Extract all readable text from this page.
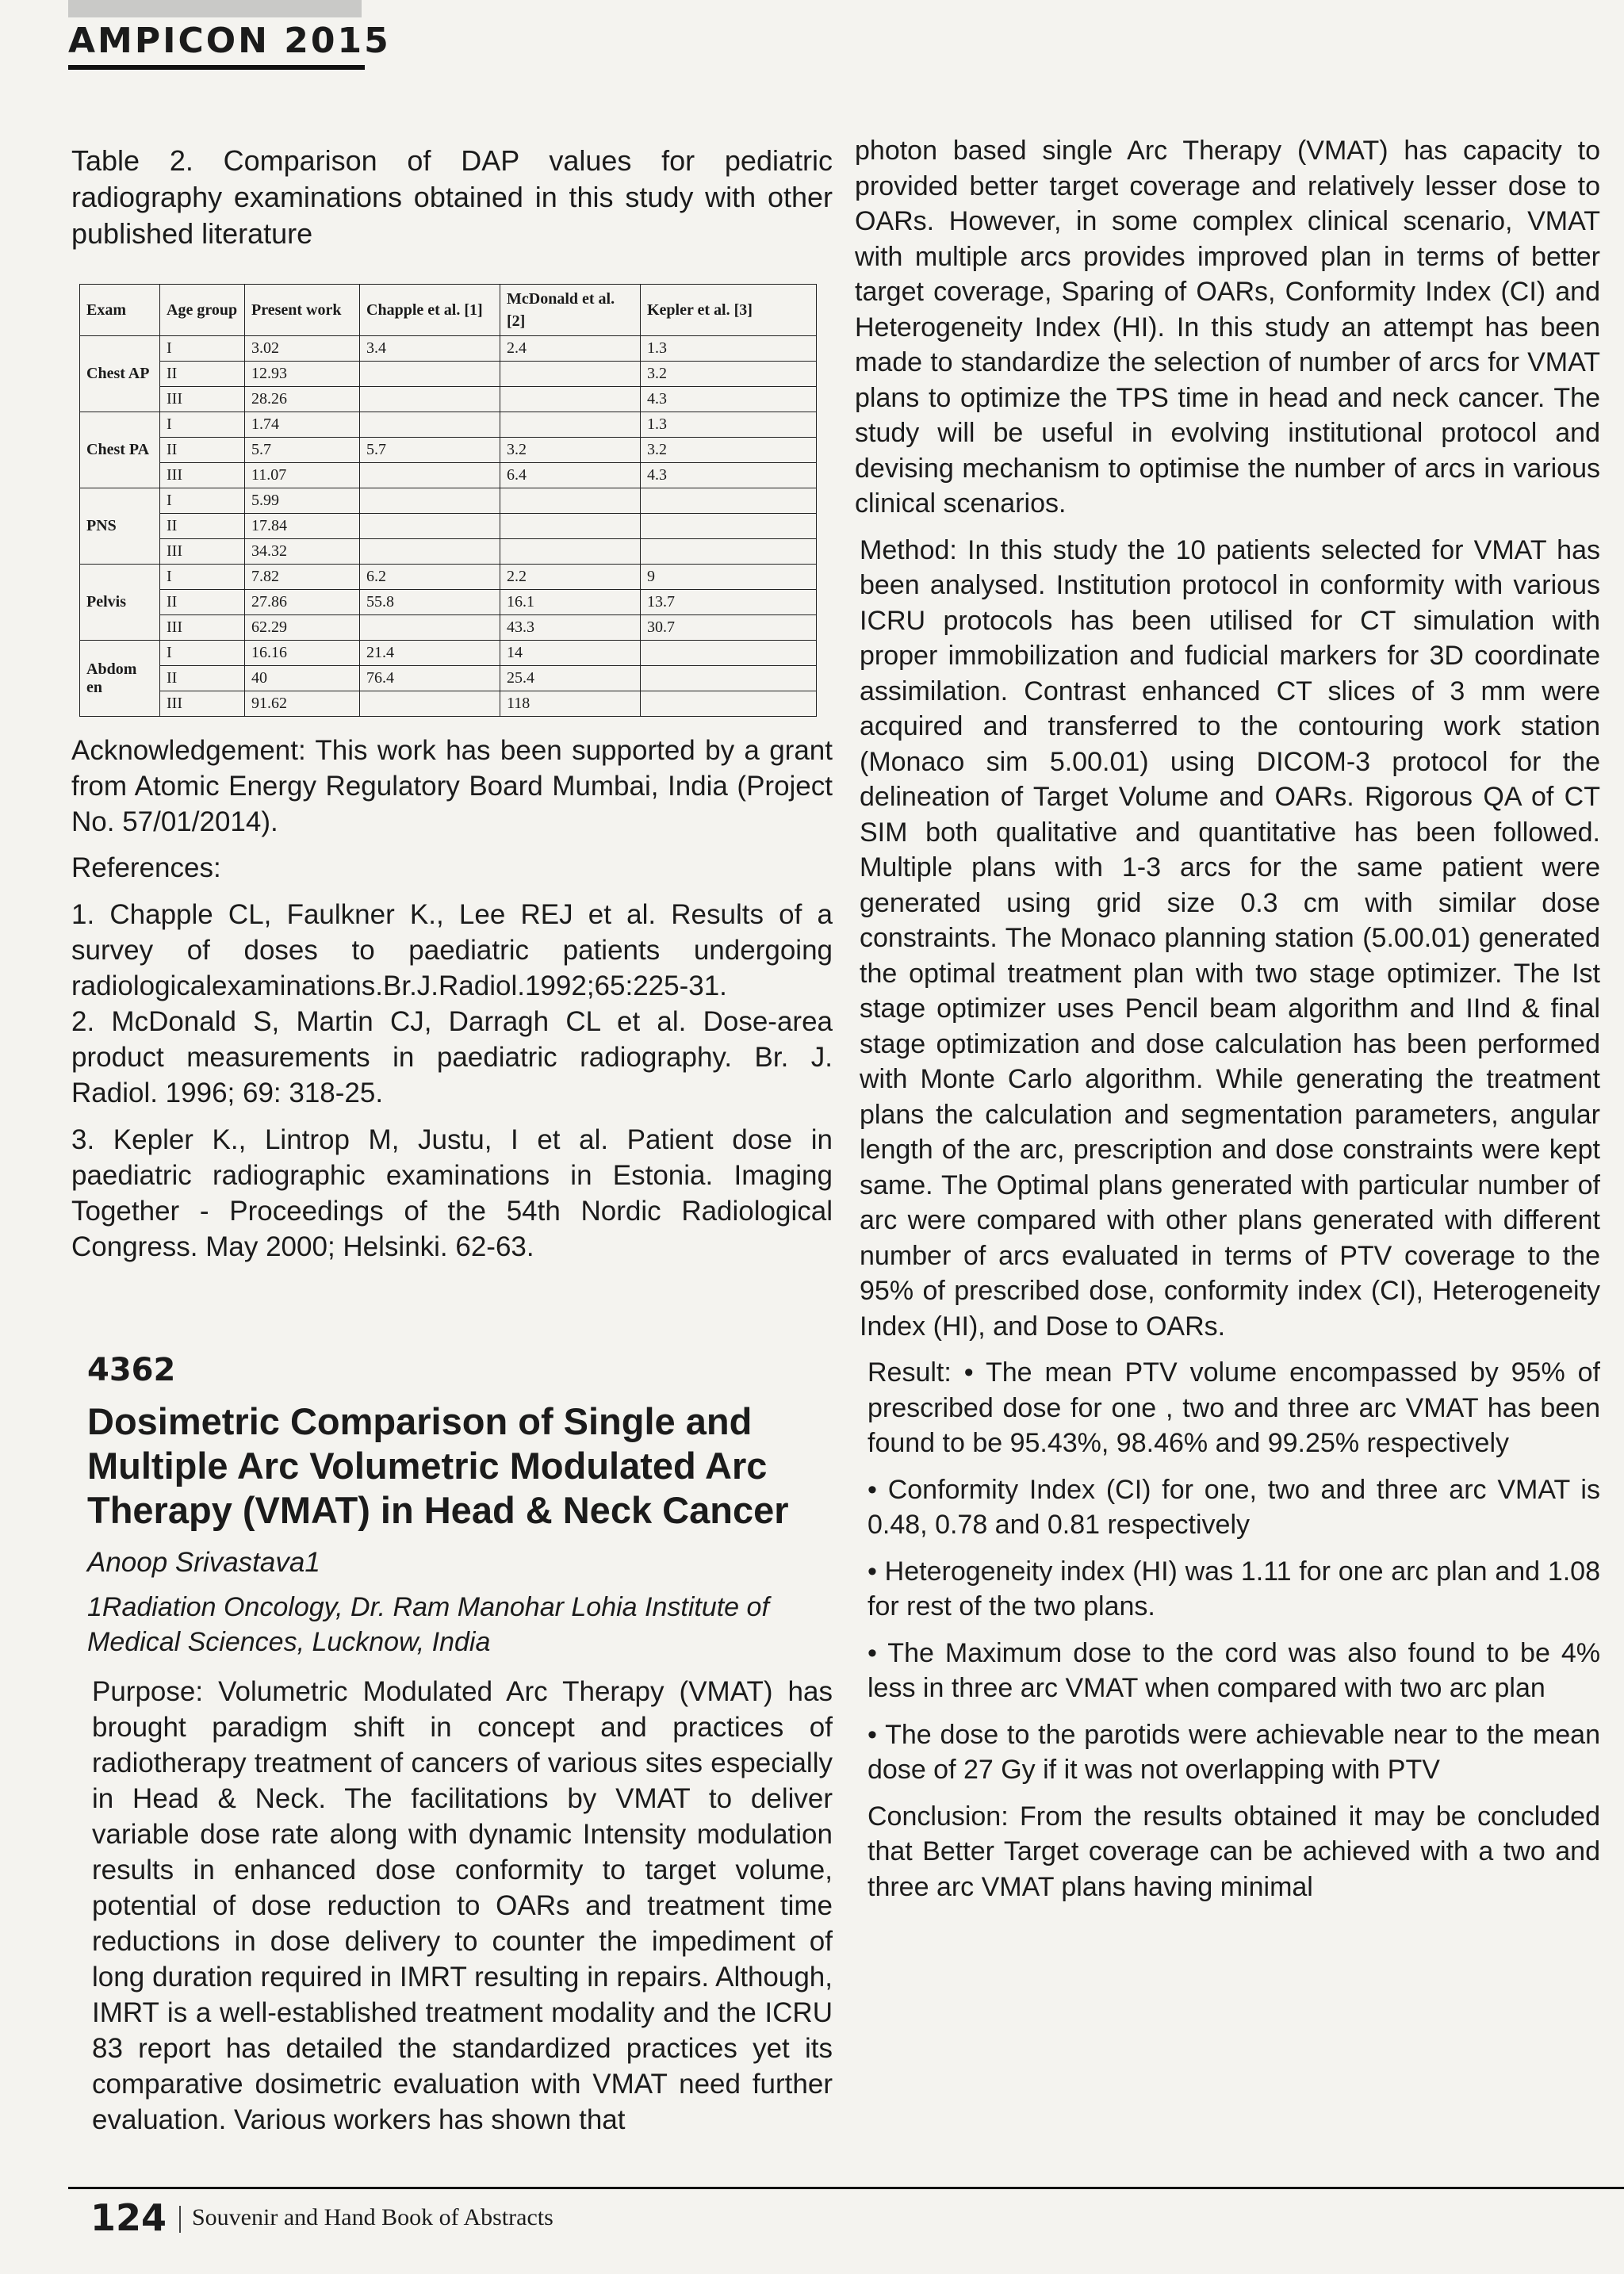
AMPICON 2015

Table 2. Comparison of DAP values for pediatric radiography examinations obtained in this study with other published literature

Exam	Age group	Present work	Chapple et al. [1]	McDonald et al. [2]	Kepler et al. [3]
Chest AP	I	3.02	3.4	2.4	1.3
	II	12.93			3.2
	III	28.26			4.3
Chest PA	I	1.74			1.3
	II	5.7	5.7	3.2	3.2
	III	11.07		6.4	4.3
PNS	I	5.99			
	II	17.84			
	III	34.32			
Pelvis	I	7.82	6.2	2.2	9
	II	27.86	55.8	16.1	13.7
	III	62.29		43.3	30.7
Abdom en	I	16.16	21.4	14	
	II	40	76.4	25.4	
	III	91.62		118	

Acknowledgement: This work has been supported by a grant from Atomic Energy Regulatory Board Mumbai, India (Project No. 57/01/2014).

References:

1. Chapple CL, Faulkner K., Lee REJ et al. Results of a survey of doses to paediatric patients undergoing radiologicalexaminations.Br.J.Radiol.1992;65:225-31.

2. McDonald S, Martin CJ, Darragh CL et al. Dose-area product measurements in paediatric radiography. Br. J. Radiol. 1996; 69: 318-25.

3. Kepler K., Lintrop M, Justu, I et al. Patient dose in paediatric radiographic examinations in Estonia. Imaging Together - Proceedings of the 54th Nordic Radiological Congress. May 2000; Helsinki. 62-63.

4362
Dosimetric Comparison of Single and Multiple Arc Volumetric Modulated Arc Therapy (VMAT) in Head & Neck Cancer
Anoop Srivastava1
1Radiation Oncology, Dr. Ram Manohar Lohia Institute of Medical Sciences, Lucknow, India

Purpose: Volumetric Modulated Arc Therapy (VMAT) has brought paradigm shift in concept and practices of radiotherapy treatment of cancers of various sites especially in Head & Neck. The facilitations by VMAT to deliver variable dose rate along with dynamic Intensity modulation results in enhanced dose conformity to target volume, potential of dose reduction to OARs and treatment time reductions in dose delivery to counter the impediment of long duration required in IMRT resulting in repairs. Although, IMRT is a well-established treatment modality and the ICRU 83 report has detailed the standardized practices yet its comparative dosimetric evaluation with VMAT need further evaluation. Various workers has shown that

photon based single Arc Therapy (VMAT) has capacity to provided better target coverage and relatively lesser dose to OARs. However, in some complex clinical scenario, VMAT with multiple arcs provides improved plan in terms of better target coverage, Sparing of OARs, Conformity Index (CI) and Heterogeneity Index (HI). In this study an attempt has been made to standardize the selection of number of arcs for VMAT plans to optimize the TPS time in head and neck cancer. The study will be useful in evolving institutional protocol and devising mechanism to optimise the number of arcs in various clinical scenarios.

Method: In this study the 10 patients selected for VMAT has been analysed. Institution protocol in conformity with various ICRU protocols has been utilised for CT simulation with proper immobilization and fudicial markers for 3D coordinate assimilation. Contrast enhanced CT slices of 3 mm were acquired and transferred to the contouring work station (Monaco sim 5.00.01) using DICOM-3 protocol for the delineation of Target Volume and OARs. Rigorous QA of CT SIM both qualitative and quantitative has been followed. Multiple plans with 1-3 arcs for the same patient were generated using grid size 0.3 cm with similar dose constraints. The Monaco planning station (5.00.01) generated the optimal treatment plan with two stage optimizer. The Ist stage optimizer uses Pencil beam algorithm and IInd & final stage optimization and dose calculation has been performed with Monte Carlo algorithm. While generating the treatment plans the calculation and segmentation parameters, angular length of the arc, prescription and dose constraints were kept same. The Optimal plans generated with particular number of arc were compared with other plans generated with different number of arcs evaluated in terms of PTV coverage to the 95% of prescribed dose, conformity index (CI), Heterogeneity Index (HI), and Dose to OARs.

Result: • The mean PTV volume encompassed by 95% of prescribed dose for one , two and three arc VMAT has been found to be 95.43%, 98.46% and 99.25% respectively

• Conformity Index (CI) for one, two and three arc VMAT is 0.48, 0.78 and 0.81 respectively

• Heterogeneity index (HI) was 1.11 for one arc plan and 1.08 for rest of the two plans.

• The Maximum dose to the cord was also found to be 4% less in three arc VMAT when compared with two arc plan

• The dose to the parotids were achievable near to the mean dose of 27 Gy if it was not overlapping with PTV

Conclusion: From the results obtained it may be concluded that Better Target coverage can be achieved with a two and three arc VMAT plans having minimal

124 Souvenir and Hand Book of Abstracts
